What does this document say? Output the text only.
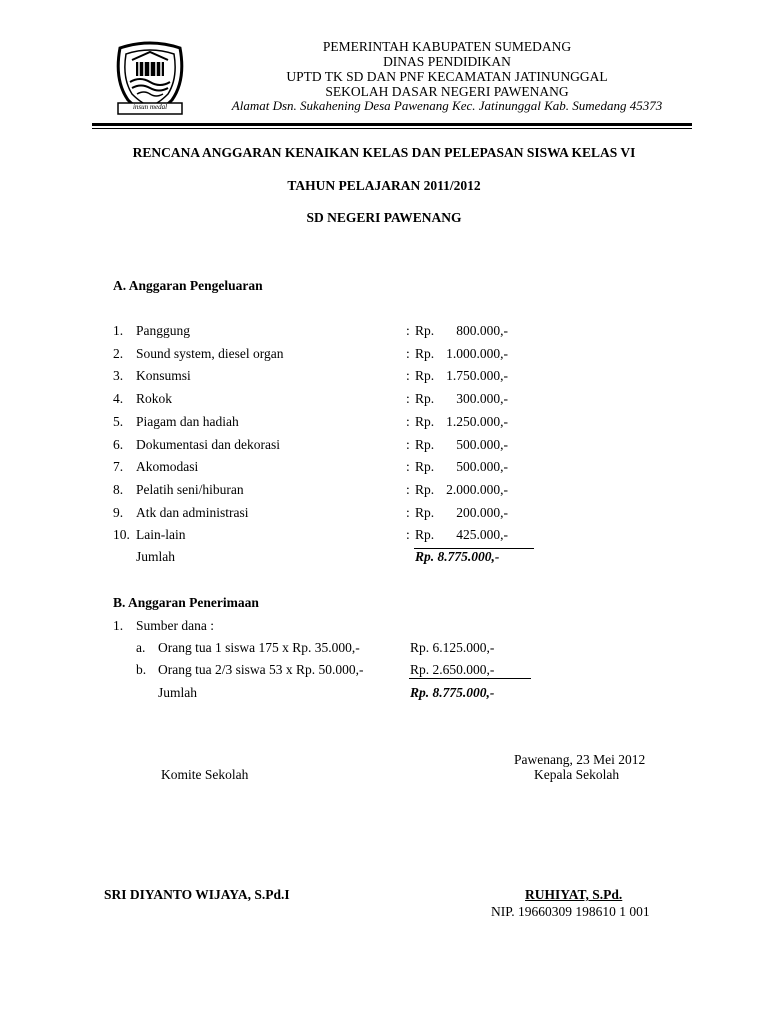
insun medal
PEMERINTAH KABUPATEN SUMEDANG
DINAS PENDIDIKAN
UPTD TK SD DAN PNF KECAMATAN JATINUNGGAL
SEKOLAH DASAR NEGERI PAWENANG
Alamat Dsn. Sukahening Desa Pawenang Kec. Jatinunggal Kab. Sumedang 45373
RENCANA ANGGARAN KENAIKAN KELAS DAN PELEPASAN SISWA KELAS VI
TAHUN PELAJARAN 2011/2012
SD NEGERI PAWENANG
A. Anggaran Pengeluaran
1. Panggung	: Rp.	800.000,-
2. Sound system, diesel organ	: Rp. 1.000.000,-
3. Konsumsi	: Rp. 1.750.000,-
4. Rokok	: Rp.	300.000,-
5. Piagam dan hadiah	: Rp. 1.250.000,-
6. Dokumentasi dan dekorasi	: Rp.	500.000,-
7. Akomodasi	: Rp.	500.000,-
8. Pelatih seni/hiburan	: Rp. 2.000.000,-
9. Atk dan administrasi	: Rp.	200.000,-
10. Lain-lain	: Rp.	425.000,-
Jumlah	Rp. 8.775.000,-
B. Anggaran Penerimaan
1. Sumber dana :
a. Orang tua 1 siswa 175 x Rp. 35.000,-	Rp. 6.125.000,-
b. Orang tua 2/3 siswa 53 x Rp. 50.000,-	Rp. 2.650.000,-
Jumlah	Rp. 8.775.000,-
Pawenang, 23 Mei 2012
Komite Sekolah	Kepala Sekolah
SRI DIYANTO WIJAYA, S.Pd.I	RUHIYAT, S.Pd.
NIP. 19660309 198610 1 001
